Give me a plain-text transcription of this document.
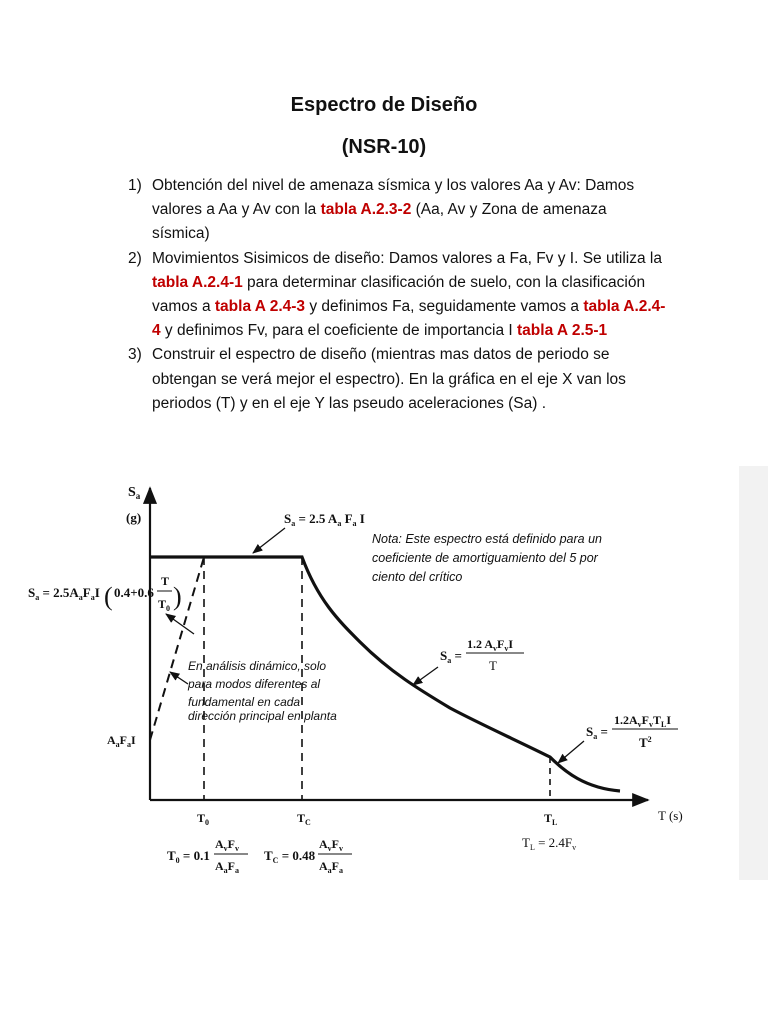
Espectro de Diseño
(NSR-10)
1) Obtención del nivel de amenaza sísmica y los valores Aa y Av: Damos valores a Aa y Av con la tabla A.2.3-2 (Aa, Av y Zona de amenaza sísmica)
2) Movimientos Sisimicos de diseño: Damos valores a Fa, Fv y I. Se utiliza la tabla A.2.4-1 para determinar clasificación de suelo, con la clasificación vamos a tabla A 2.4-3 y definimos Fa, seguidamente vamos a tabla A.2.4-4 y definimos Fv, para el coeficiente de importancia I tabla A 2.5-1
3) Construir el espectro de diseño (mientras mas datos de periodo se obtengan se verá mejor el espectro). En la gráfica en el eje X van los periodos (T) y en el eje Y las pseudo aceleraciones (Sa) .
$S_a$
(g)
T (s)
$T_0$	$T_C$	$T_L$
$A_aF_aI$
$S_a = 2.5$ $A_a$ $F_a$ I
$S_a = 2.5A_aF_aI$ ( 0.4+0.6
T
$T_0$ )
$S_a$ =
1.2 $A_vF_vI$
T
$S_a$ =
$1.2A_vF_vT_LI$
$T^2$
Nota: Este espectro está definido para un coeficiente de amortiguamiento del 5 por ciento del crítico
En análisis dinámico, solo para modos diferentes al fundamental en cada dirección principal en planta
$T_0 = 0.1$
$A_vF_v$
$A_aF_a$
$T_C = 0.48$
$A_vF_v$
$A_aF_a$
$T_L = 2.4F_v$
